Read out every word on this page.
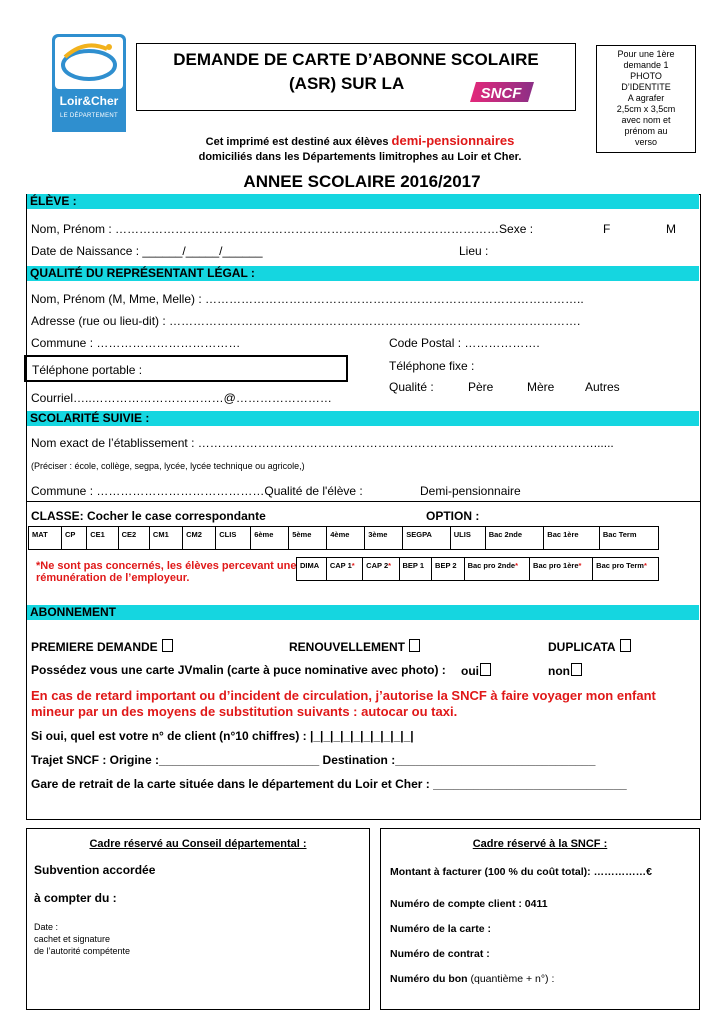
Loir&Cher
LE DÉPARTEMENT
DEMANDE DE CARTE D’ABONNE SCOLAIRE
(ASR) SUR LA
SNCF
Pour une 1ère
demande 1
PHOTO
D’IDENTITE
A agrafer
2,5cm x 3,5cm
avec nom et
prénom au
verso
Cet imprimé est destiné aux élèves demi-pensionnaires
domiciliés dans les Départements limitrophes au Loir et Cher.
ANNEE SCOLAIRE 2016/2017
ÉLÈVE :
Nom, Prénom : ……………………………………………………………………………………Sexe :	F	M
Date de Naissance : ______/_____/______	Lieu :
QUALITÉ DU REPRÉSENTANT LÉGAL :
Nom, Prénom (M, Mme, Melle) : …………………………………………………………………………………..
Adresse (rue ou lieu-dit) : ………………………………………………………………………………………….
Commune : ………………………………	Code Postal : ……………….
Téléphone portable :	Téléphone fixe :
Qualité :	Père	Mère	Autres
Courriel…..……………………………@……………………
SCOLARITÉ SUIVIE :
Nom exact de l’établissement : ………………………………………………………………………………………......
(Préciser : école, collège, segpa, lycée, lycée technique ou agricole,)
Commune : ……………………………………Qualité de l'élève :	Demi-pensionnaire
CLASSE: Cocher le case correspondante	OPTION :
MAT	CP	CE1	CE2	CM1	CM2	CLIS	6ème	5ème	4ème	3ème	SEGPA	ULIS	Bac 2nde	Bac 1ère	Bac Term
DIMA	CAP 1*	CAP 2*	BEP 1	BEP 2	Bac pro 2nde*	Bac pro 1ère*	Bac pro Term*
*Ne sont pas concernés, les élèves percevant une rémunération de l’employeur.
ABONNEMENT
PREMIERE DEMANDE	RENOUVELLEMENT	DUPLICATA
Possédez vous une carte JVmalin (carte à puce nominative avec photo) : oui	non
En cas de retard important ou d’incident de circulation, j’autorise la SNCF à faire voyager mon enfant mineur par un des moyens de substitution suivants : autocar ou taxi.
Si oui, quel est votre n° de client (n°10 chiffres) : |_|_|_|_|_|_|_|_|_|_|
Trajet SNCF : Origine :________________________ Destination :______________________________
Gare de retrait de la carte située dans le département du Loir et Cher : _____________________________
Cadre réservé au Conseil départemental :
Subvention accordée
à compter du :
Date :
cachet et signature
de l’autorité compétente
Cadre réservé à la SNCF :
Montant à facturer (100 % du coût total): ……………€
Numéro de compte client : 0411
Numéro de la carte :
Numéro de contrat :
Numéro du bon (quantième + n°) :
